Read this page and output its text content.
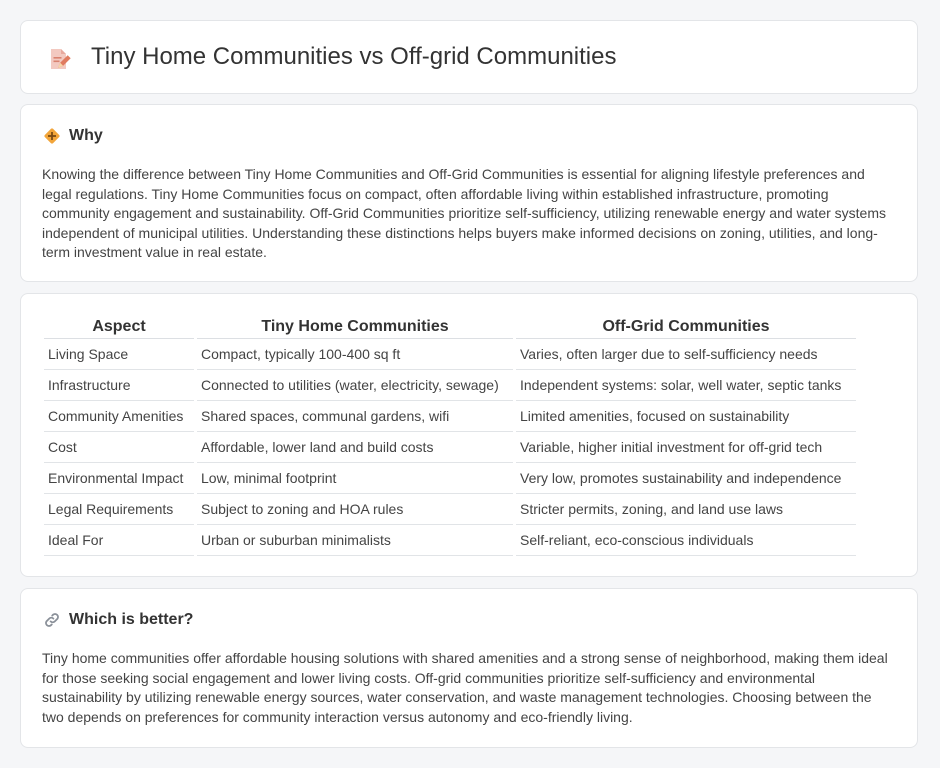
Tiny Home Communities vs Off-grid Communities
Why

Knowing the difference between Tiny Home Communities and Off-Grid Communities is essential for aligning lifestyle preferences and legal regulations. Tiny Home Communities focus on compact, often affordable living within established infrastructure, promoting community engagement and sustainability. Off-Grid Communities prioritize self-sufficiency, utilizing renewable energy and water systems independent of municipal utilities. Understanding these distinctions helps buyers make informed decisions on zoning, utilities, and long-term investment value in real estate.

Aspect	Tiny Home Communities	Off-Grid Communities
Living Space	Compact, typically 100-400 sq ft	Varies, often larger due to self-sufficiency needs
Infrastructure	Connected to utilities (water, electricity, sewage)	Independent systems: solar, well water, septic tanks
Community Amenities	Shared spaces, communal gardens, wifi	Limited amenities, focused on sustainability
Cost	Affordable, lower land and build costs	Variable, higher initial investment for off-grid tech
Environmental Impact	Low, minimal footprint	Very low, promotes sustainability and independence
Legal Requirements	Subject to zoning and HOA rules	Stricter permits, zoning, and land use laws
Ideal For	Urban or suburban minimalists	Self-reliant, eco-conscious individuals
Which is better?

Tiny home communities offer affordable housing solutions with shared amenities and a strong sense of neighborhood, making them ideal for those seeking social engagement and lower living costs. Off-grid communities prioritize self-sufficiency and environmental sustainability by utilizing renewable energy sources, water conservation, and waste management technologies. Choosing between the two depends on preferences for community interaction versus autonomy and eco-friendly living.
